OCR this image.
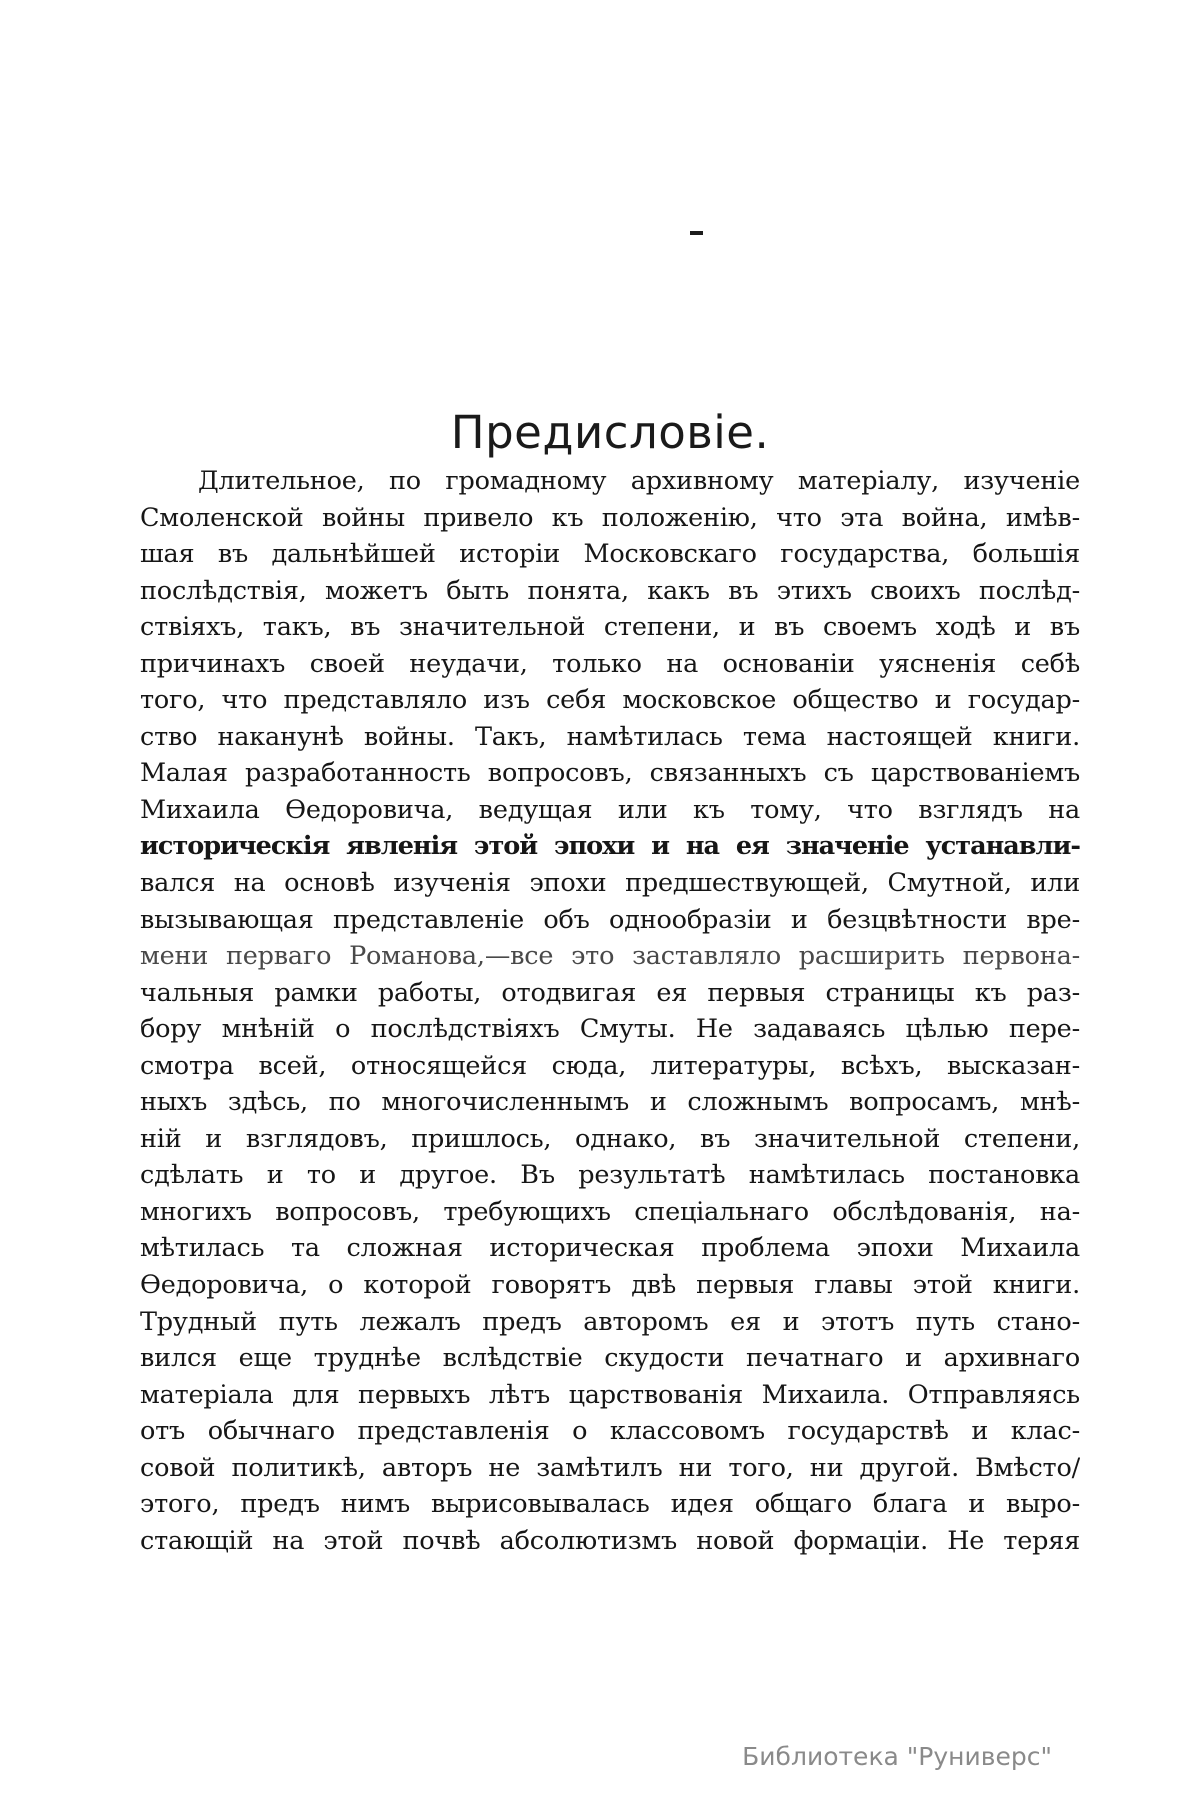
Предисловіе.
Длительное, по громадному архивному матеріалу, изученіе
Смоленской войны привело къ положенію, что эта война, имѣв-
шая въ дальнѣйшей исторіи Московскаго государства, большія
послѣдствія, можетъ быть понята, какъ въ этихъ своихъ послѣд-
ствіяхъ, такъ, въ значительной степени, и въ своемъ ходѣ и въ
причинахъ своей неудачи, только на основаніи уясненія себѣ
того, что представляло изъ себя московское общество и государ-
ство наканунѣ войны. Такъ, намѣтилась тема настоящей книги.
Малая разработанность вопросовъ, связанныхъ съ царствованіемъ
Михаила Ѳедоровича, ведущая или къ тому, что взглядъ на
историческія явленія этой эпохи и на ея значеніе устанавли-
вался на основѣ изученія эпохи предшествующей, Смутной, или
вызывающая представленіе объ однообразіи и безцвѣтности вре-
мени перваго Романова,—все это заставляло расширить первона-
чальныя рамки работы, отодвигая ея первыя страницы къ раз-
бору мнѣній о послѣдствіяхъ Смуты. Не задаваясь цѣлью пере-
смотра всей, относящейся сюда, литературы, всѣхъ, высказан-
ныхъ здѣсь, по многочисленнымъ и сложнымъ вопросамъ, мнѣ-
ній и взглядовъ, пришлось, однако, въ значительной степени,
сдѣлать и то и другое. Въ результатѣ намѣтилась постановка
многихъ вопросовъ, требующихъ спеціальнаго обслѣдованія, на-
мѣтилась та сложная историческая проблема эпохи Михаила
Ѳедоровича, о которой говорятъ двѣ первыя главы этой книги.
Трудный путь лежалъ предъ авторомъ ея и этотъ путь стано-
вился еще труднѣе вслѣдствіе скудости печатнаго и архивнаго
матеріала для первыхъ лѣтъ царствованія Михаила. Отправляясь
отъ обычнаго представленія о классовомъ государствѣ и клас-
совой политикѣ, авторъ не замѣтилъ ни того, ни другой. Вмѣсто/
этого, предъ нимъ вырисовывалась идея общаго блага и выро-
стающій на этой почвѣ абсолютизмъ новой формаціи. Не теряя
Библиотека "Руниверс"
